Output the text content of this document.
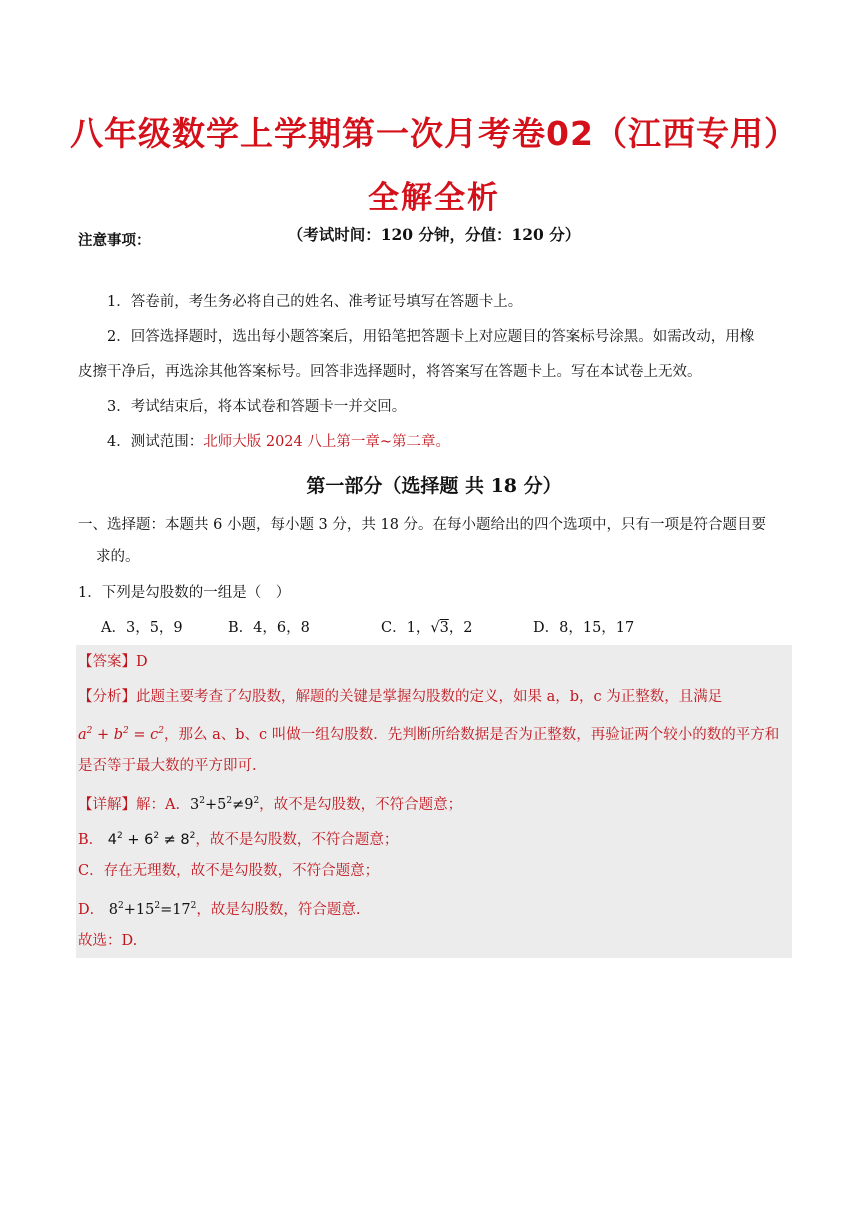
八年级数学上学期第一次月考卷02（江西专用）
全解全析
（考试时间：120 分钟，分值：120 分）
注意事项：
1．答卷前，考生务必将自己的姓名、准考证号填写在答题卡上。
2．回答选择题时，选出每小题答案后，用铅笔把答题卡上对应题目的答案标号涂黑。如需改动，用橡
皮擦干净后，再选涂其他答案标号。回答非选择题时，将答案写在答题卡上。写在本试卷上无效。
3．考试结束后，将本试卷和答题卡一并交回。
4．测试范围：北师大版 2024 八上第一章~第二章。
第一部分（选择题 共 18 分）
一、选择题：本题共 6 小题，每小题 3 分，共 18 分。在每小题给出的四个选项中，只有一项是符合题目要
求的。
1．下列是勾股数的一组是（　）
A．3，5，9	B．4，6，8	C．1，√3，2	D．8，15，17
【答案】D
【分析】此题主要考查了勾股数，解题的关键是掌握勾股数的定义，如果 a，b，c 为正整数，且满足
$a^2 + b^2 = c^2$，那么 a、b、c 叫做一组勾股数．先判断所给数据是否为正整数，再验证两个较小的数的平方和
是否等于最大数的平方即可.
【详解】解：A．$3^2+5^2\ne 9^2$，故不是勾股数，不符合题意；
B． $4^2 + 6^2 \ne 8^2$，故不是勾股数，不符合题意；
C．存在无理数，故不是勾股数，不符合题意；
D． $8^2+15^2=17^2$，故是勾股数，符合题意.
故选：D.
